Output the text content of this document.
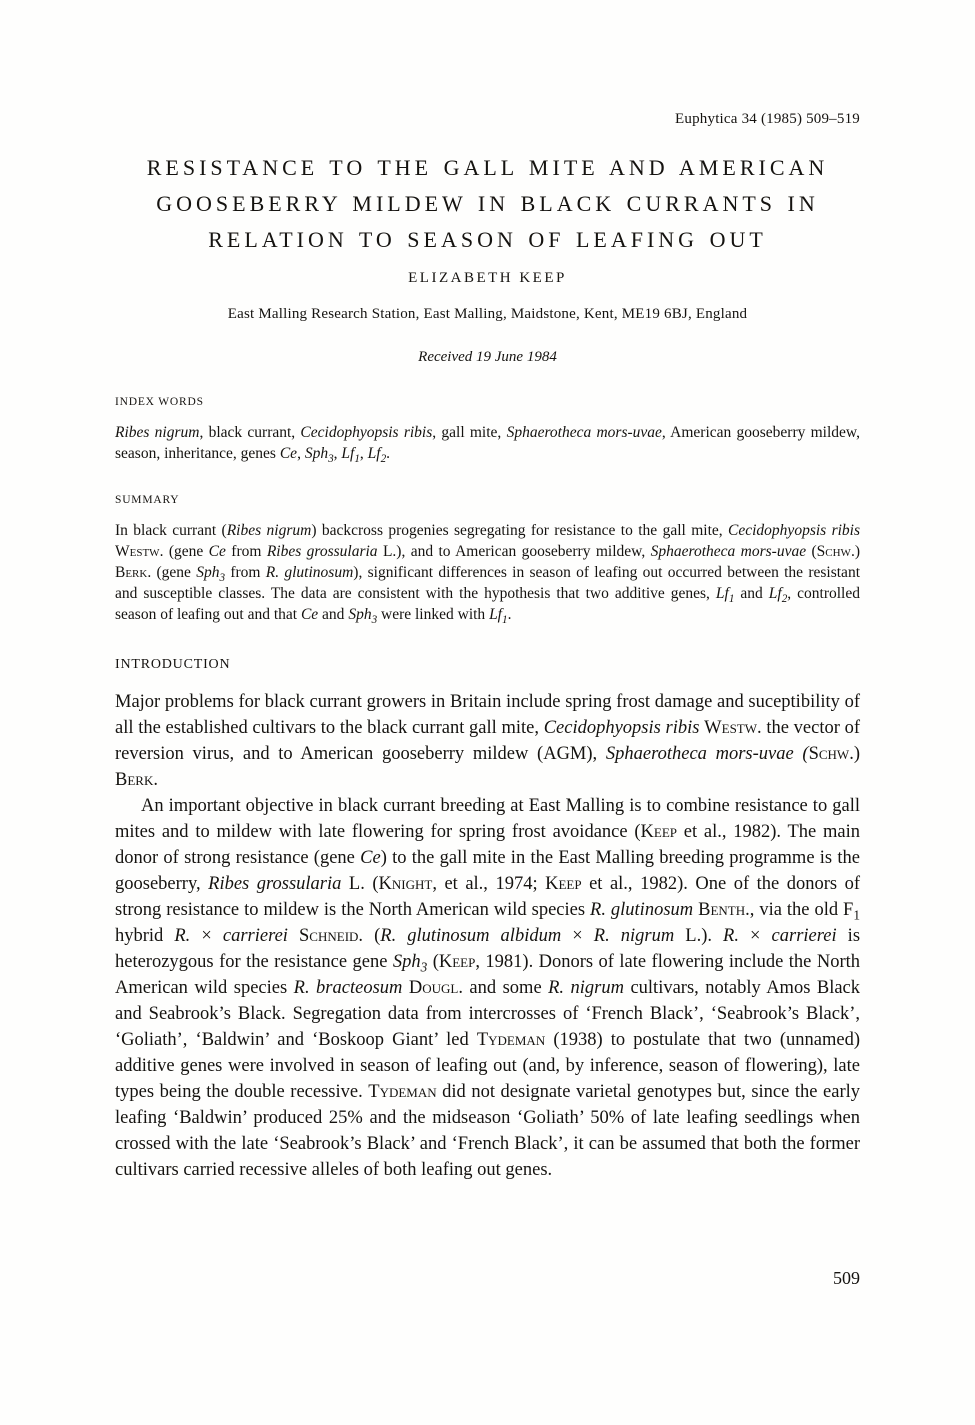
Euphytica 34 (1985) 509–519
RESISTANCE TO THE GALL MITE AND AMERICAN GOOSEBERRY MILDEW IN BLACK CURRANTS IN RELATION TO SEASON OF LEAFING OUT
ELIZABETH KEEP
East Malling Research Station, East Malling, Maidstone, Kent, ME19 6BJ, England
Received 19 June 1984
INDEX WORDS

Ribes nigrum, black currant, Cecidophyopsis ribis, gall mite, Sphaerotheca mors-uvae, American gooseberry mildew, season, inheritance, genes Ce, Sph$_3$, $Lf_1$, $Lf_2$.

SUMMARY

In black currant (Ribes nigrum) backcross progenies segregating for resistance to the gall mite, Cecidophyopsis ribis Westw. (gene Ce from Ribes grossularia L.), and to American gooseberry mildew, Sphaerotheca mors-uvae (Schw.) Berk. (gene Sph$_3$ from R. glutinosum), significant differences in season of leafing out occurred between the resistant and susceptible classes. The data are consistent with the hypothesis that two additive genes, $Lf_1$ and $Lf_2$, controlled season of leafing out and that Ce and Sph$_3$ were linked with $Lf_1$.

INTRODUCTION

Major problems for black currant growers in Britain include spring frost damage and suceptibility of all the established cultivars to the black currant gall mite, Cecidophyopsis ribis Westw. the vector of reversion virus, and to American gooseberry mildew (AGM), Sphaerotheca mors-uvae (Schw.) Berk.

An important objective in black currant breeding at East Malling is to combine resistance to gall mites and to mildew with late flowering for spring frost avoidance (Keep et al., 1982). The main donor of strong resistance (gene Ce) to the gall mite in the East Malling breeding programme is the gooseberry, Ribes grossularia L. (Knight, et al., 1974; Keep et al., 1982). One of the donors of strong resistance to mildew is the North American wild species R. glutinosum Benth., via the old $F_1$ hybrid R. × carrierei Schneid. (R. glutinosum albidum × R. nigrum L.). R. × carrierei is heterozygous for the resistance gene Sph$_3$ (Keep, 1981). Donors of late flowering include the North American wild species R. bracteosum Dougl. and some R. nigrum cultivars, notably Amos Black and Seabrook’s Black. Segregation data from intercrosses of ‘French Black’, ‘Seabrook’s Black’, ‘Goliath’, ‘Baldwin’ and ‘Boskoop Giant’ led Tydeman (1938) to postulate that two (unnamed) additive genes were involved in season of leafing out (and, by inference, season of flowering), late types being the double recessive. Tydeman did not designate varietal genotypes but, since the early leafing ‘Baldwin’ produced 25% and the midseason ‘Goliath’ 50% of late leafing seedlings when crossed with the late ‘Seabrook’s Black’ and ‘French Black’, it can be assumed that both the former cultivars carried recessive alleles of both leafing out genes.

509
